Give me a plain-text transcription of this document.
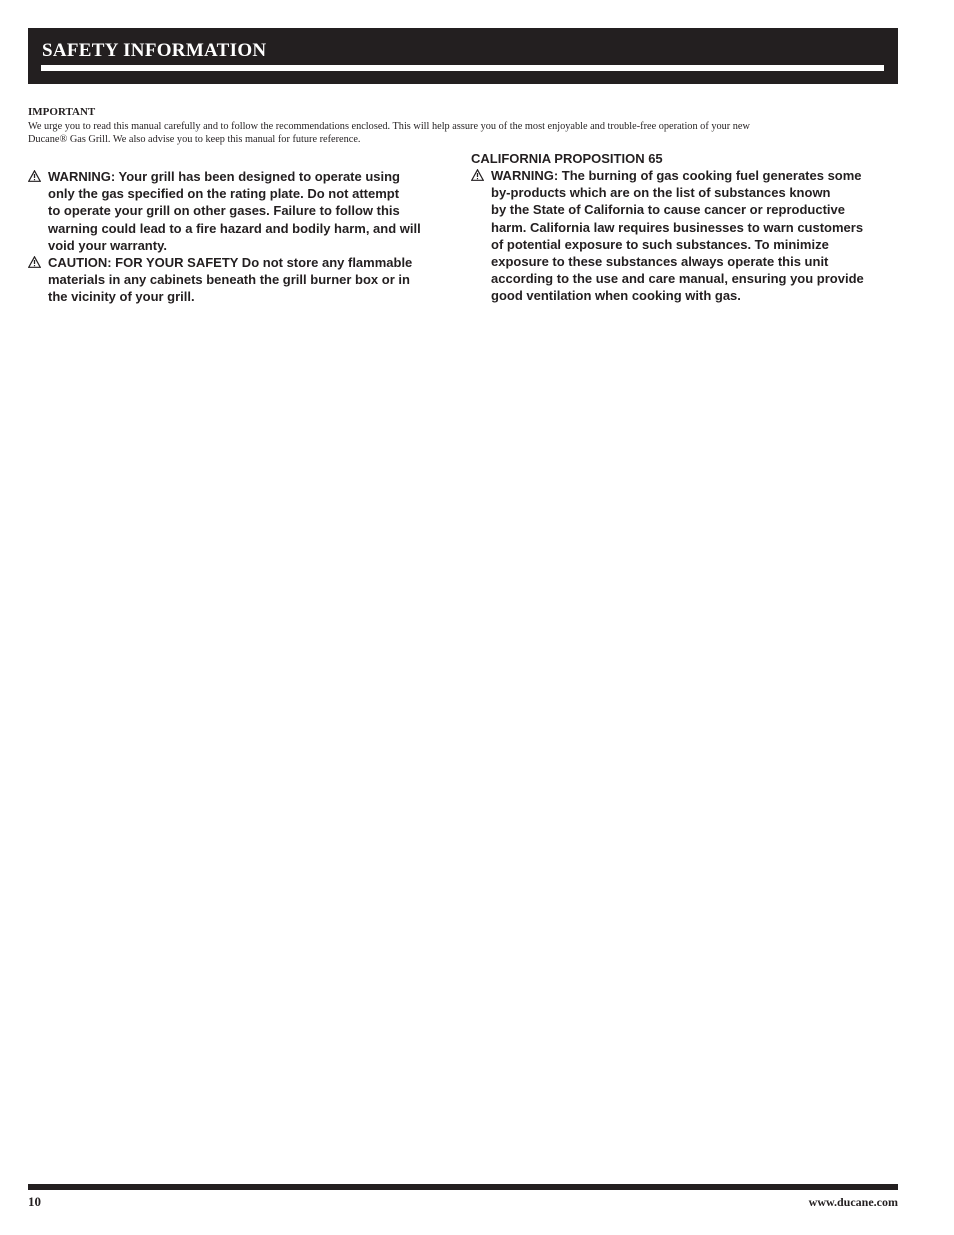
SAFETY INFORMATION
IMPORTANT
We urge you to read this manual carefully and to follow the recommendations enclosed. This will help assure you of the most enjoyable and trouble-free operation of your new
Ducane® Gas Grill. We also advise you to keep this manual for future reference.
WARNING: Your grill has been designed to operate using
only the gas specified on the rating plate. Do not attempt
to operate your grill on other gases. Failure to follow this
warning could lead to a fire hazard and bodily harm, and will
void your warranty.
CAUTION: FOR YOUR SAFETY Do not store any flammable
materials in any cabinets beneath the grill burner box or in
the vicinity of your grill.
CALIFORNIA PROPOSITION 65
WARNING: The burning of gas cooking fuel generates some
by-products which are on the list of substances known
by the State of California to cause cancer or reproductive
harm. California law requires businesses to warn customers
of potential exposure to such substances. To minimize
exposure to these substances always operate this unit
according to the use and care manual, ensuring you provide
good ventilation when cooking with gas.
10	www.ducane.com
